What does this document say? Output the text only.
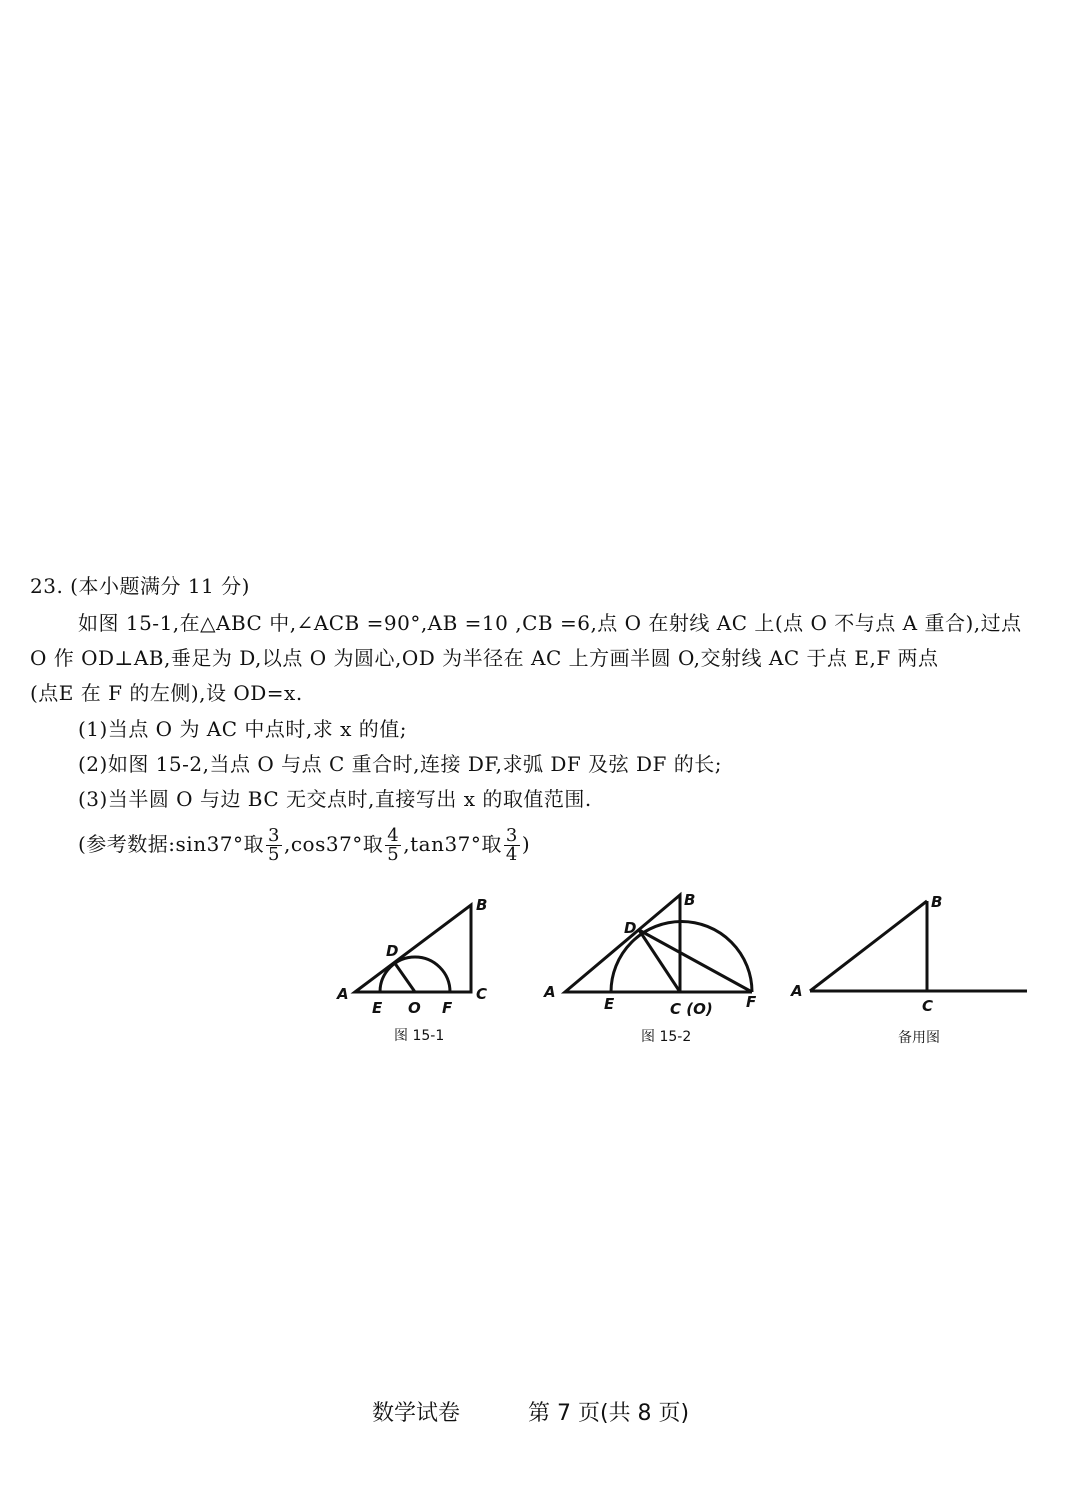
23. (本小题满分 11 分)
如图 15-1,在△ABC 中,∠ACB =90°,AB =10 ,CB =6,点 O 在射线 AC 上(点 O 不与点 A 重合),过点
O 作 OD⊥AB,垂足为 D,以点 O 为圆心,OD 为半径在 AC 上方画半圆 O,交射线 AC 于点 E,F 两点
(点E 在 F 的左侧),设 OD=x.
(1)当点 O 为 AC 中点时,求 x 的值;
(2)如图 15-2,当点 O 与点 C 重合时,连接 DF,求弧 DF 及弦 DF 的长;
(3)当半圆 O 与边 BC 无交点时,直接写出 x 的取值范围.
(参考数据:sin37°取 $\frac{3}{5} ,\cos 37^\circ$取 $\frac{4}{5} ,\tan 37^\circ$取 $\frac{3}{4}$ )
A
B
C
D
E O F
A
B
C (O)
D
E	F
A
B
C
图 15-1	图 15-2	备用图
数学试卷	第 7 页(共 8 页)
